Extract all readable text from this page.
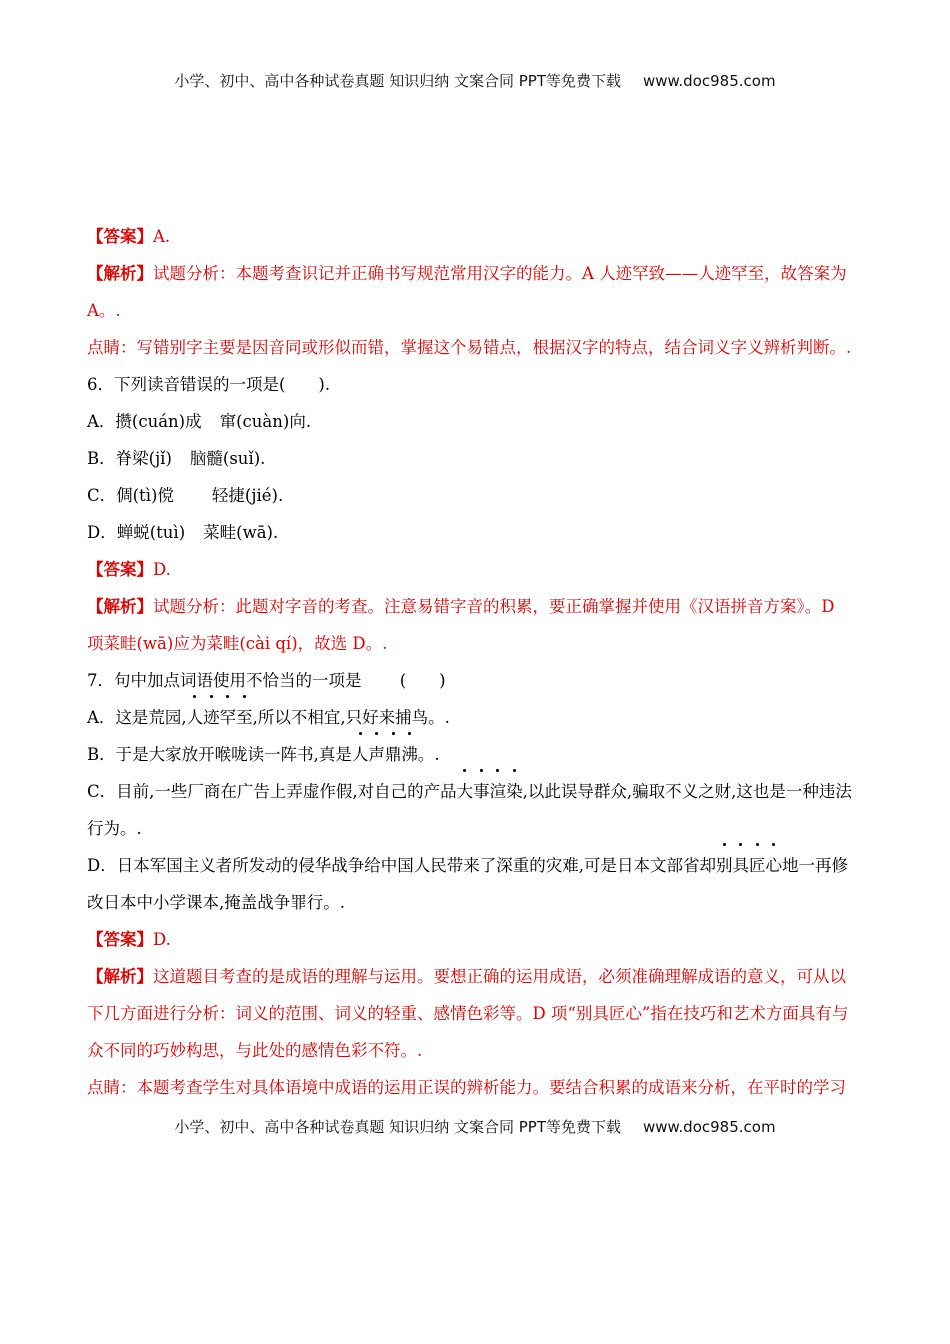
小学、初中、高中各种试卷真题 知识归纳 文案合同 PPT等免费下载 www.doc985.com
【答案】A.
【解析】试题分析：本题考查识记并正确书写规范常用汉字的能力。A 人迹罕致——人迹罕至，故答案为
A。.
点睛：写错别字主要是因音同或形似而错，掌握这个易错点，根据汉字的特点，结合词义字义辨析判断。.
6．下列读音错误的一项是(　　).
A．攒(cuán)成 窜(cuàn)向.
B．脊梁(jǐ) 脑髓(suǐ).
C．倜(tì)傥 轻捷(jié).
D．蝉蜕(tuì) 菜畦(wā).
【答案】D.
【解析】试题分析：此题对字音的考查。注意易错字音的积累，要正确掌握并使用《汉语拼音方案》。D
项菜畦(wā)应为菜畦(cài qí)，故选 D。.
7．句中加点词语使用不恰当的一项是　　 (　　)
A．这是荒园,人迹罕至,所以不相宜,只好来捕鸟。.
B．于是大家放开喉咙读一阵书,真是人声鼎沸。.
C．目前,一些厂商在广告上弄虚作假,对自己的产品大事渲染,以此误导群众,骗取不义之财,这也是一种违法
行为。.
D．日本军国主义者所发动的侵华战争给中国人民带来了深重的灾难,可是日本文部省却别具匠心地一再修
改日本中小学课本,掩盖战争罪行。.
【答案】D.
【解析】这道题目考查的是成语的理解与运用。要想正确的运用成语，必须准确理解成语的意义，可从以
下几方面进行分析：词义的范围、词义的轻重、感情色彩等。D 项“别具匠心”指在技巧和艺术方面具有与
众不同的巧妙构思，与此处的感情色彩不符。.
点睛：本题考查学生对具体语境中成语的运用正误的辨析能力。要结合积累的成语来分析，在平时的学习
小学、初中、高中各种试卷真题 知识归纳 文案合同 PPT等免费下载 www.doc985.com
